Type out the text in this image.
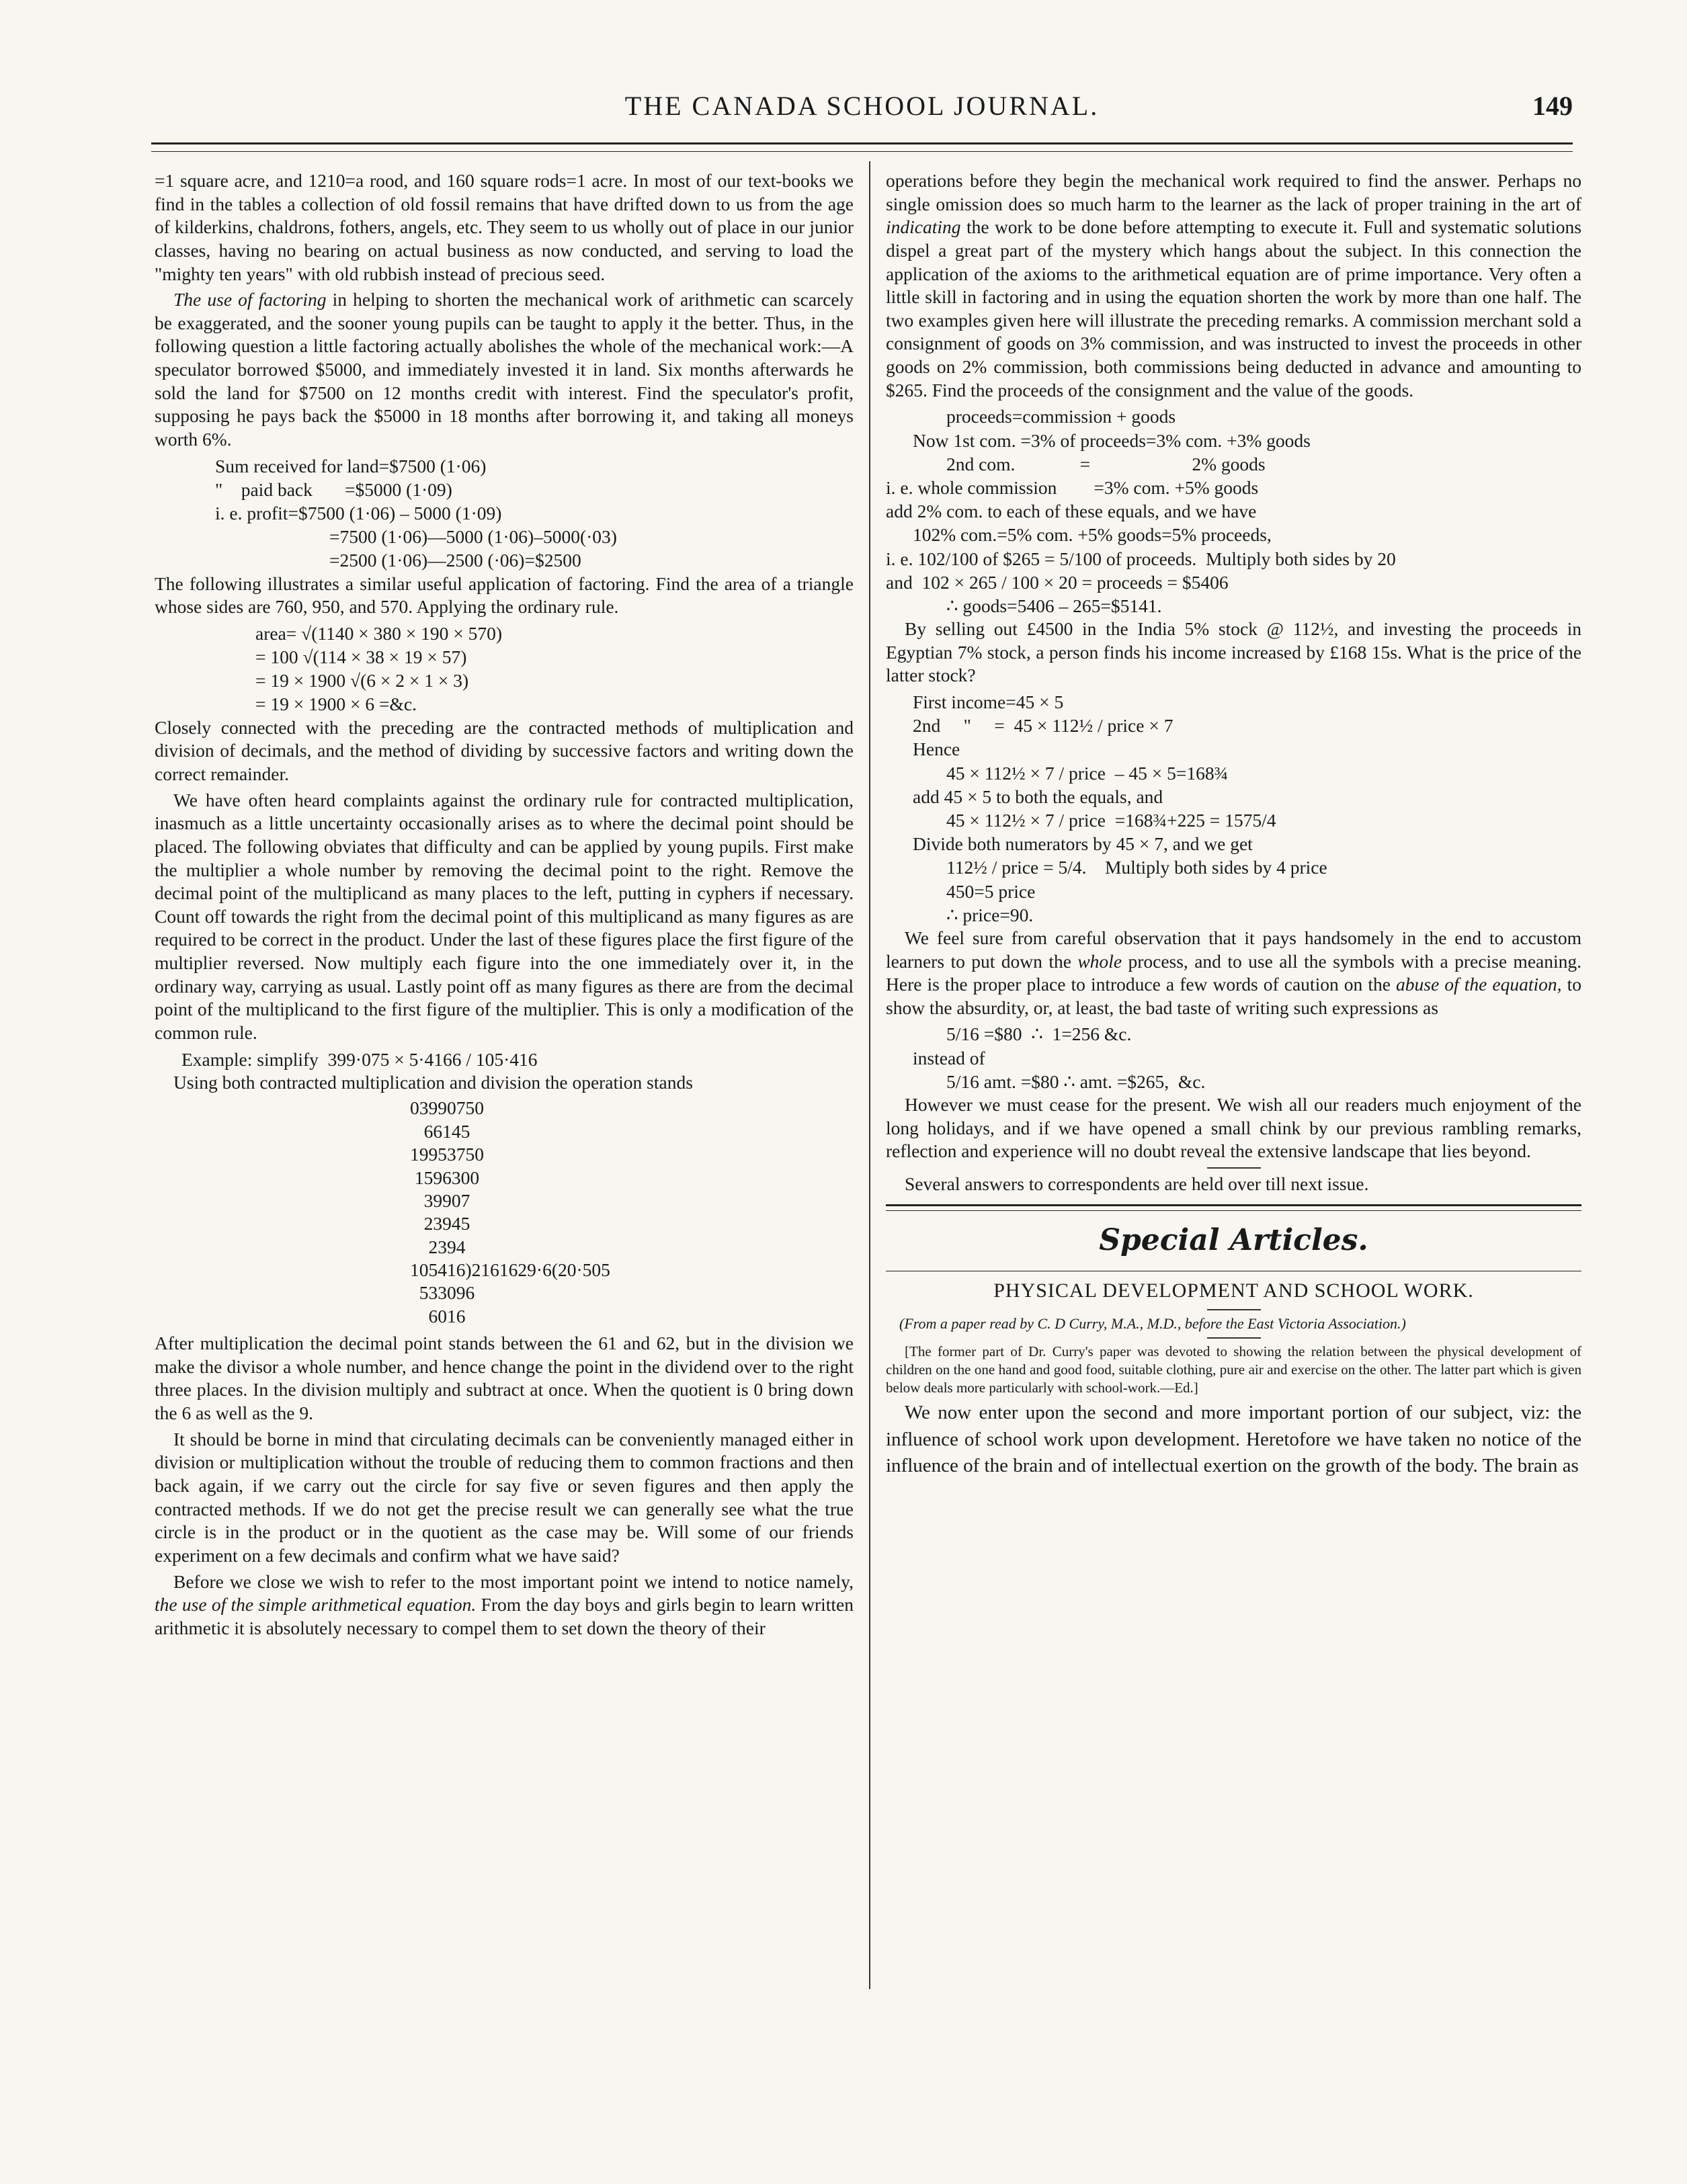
THE CANADA SCHOOL JOURNAL.	149

=1 square acre, and 1210=a rood, and 160 square rods=1 acre. In most of our text-books we find in the tables a collection of old fossil remains that have drifted down to us from the age of kilderkins, chaldrons, fothers, angels, etc. They seem to us wholly out of place in our junior classes, having no bearing on actual business as now conducted, and serving to load the "mighty ten years" with old rubbish instead of precious seed.

The use of factoring in helping to shorten the mechanical work of arithmetic can scarcely be exaggerated, and the sooner young pupils can be taught to apply it the better. Thus, in the following question a little factoring actually abolishes the whole of the mechanical work:—A speculator borrowed $5000, and immediately invested it in land. Six months afterwards he sold the land for $7500 on 12 months credit with interest. Find the speculator's profit, supposing he pays back the $5000 in 18 months after borrowing it, and taking all moneys worth 6%.

Sum received for land=$7500 (1·06)
"    paid back       =$5000 (1·09)
i. e. profit=$7500 (1·06) – 5000 (1·09)
=7500 (1·06)—5000 (1·06)–5000(·03)
=2500 (1·06)—2500 (·06)=$2500

The following illustrates a similar useful application of factoring. Find the area of a triangle whose sides are 760, 950, and 570. Applying the ordinary rule.

area= √(1140 × 380 × 190 × 570)
= 100 √(114 × 38 × 19 × 57)
= 19 × 1900 √(6 × 2 × 1 × 3)
= 19 × 1900 × 6 =&c.

Closely connected with the preceding are the contracted methods of multiplication and division of decimals, and the method of dividing by successive factors and writing down the correct remainder.

We have often heard complaints against the ordinary rule for contracted multiplication, inasmuch as a little uncertainty occasionally arises as to where the decimal point should be placed. The following obviates that difficulty and can be applied by young pupils. First make the multiplier a whole number by removing the decimal point to the right. Remove the decimal point of the multiplicand as many places to the left, putting in cyphers if necessary. Count off towards the right from the decimal point of this multiplicand as many figures as are required to be correct in the product. Under the last of these figures place the first figure of the multiplier reversed. Now multiply each figure into the one immediately over it, in the ordinary way, carrying as usual. Lastly point off as many figures as there are from the decimal point of the multiplicand to the first figure of the multiplier. This is only a modification of the common rule.

Example: simplify  399·075 × 5·4166 / 105·416

Using both contracted multiplication and division the operation stands

03990750
66145
19953750
1596300
39907
23945
2394
105416)2161629·6(20·505
533096
6016

After multiplication the decimal point stands between the 61 and 62, but in the division we make the divisor a whole number, and hence change the point in the dividend over to the right three places. In the division multiply and subtract at once. When the quotient is 0 bring down the 6 as well as the 9.

It should be borne in mind that circulating decimals can be conveniently managed either in division or multiplication without the trouble of reducing them to common fractions and then back again, if we carry out the circle for say five or seven figures and then apply the contracted methods. If we do not get the precise result we can generally see what the true circle is in the product or in the quotient as the case may be. Will some of our friends experiment on a few decimals and confirm what we have said?

Before we close we wish to refer to the most important point we intend to notice namely, the use of the simple arithmetical equation. From the day boys and girls begin to learn written arithmetic it is absolutely necessary to compel them to set down the theory of their

operations before they begin the mechanical work required to find the answer. Perhaps no single omission does so much harm to the learner as the lack of proper training in the art of indicating the work to be done before attempting to execute it. Full and systematic solutions dispel a great part of the mystery which hangs about the subject. In this connection the application of the axioms to the arithmetical equation are of prime importance. Very often a little skill in factoring and in using the equation shorten the work by more than one half. The two examples given here will illustrate the preceding remarks. A commission merchant sold a consignment of goods on 3% commission, and was instructed to invest the proceeds in other goods on 2% commission, both commissions being deducted in advance and amounting to $265. Find the proceeds of the consignment and the value of the goods.

proceeds=commission + goods
Now 1st com. =3% of proceeds=3% com. +3% goods
2nd com.              =                      2% goods
i. e. whole commission        =3% com. +5% goods
add 2% com. to each of these equals, and we have
102% com.=5% com. +5% goods=5% proceeds,
i. e. 102/100 of $265 = 5/100 of proceeds.  Multiply both sides by 20
and  102 × 265 / 100 × 20 = proceeds = $5406
∴ goods=5406 – 265=$5141.

By selling out £4500 in the India 5% stock @ 112½, and investing the proceeds in Egyptian 7% stock, a person finds his income increased by £168 15s. What is the price of the latter stock?

First income=45 × 5
2nd     "     =  45 × 112½ / price × 7
Hence
45 × 112½ × 7 / price  – 45 × 5=168¾
add 45 × 5 to both the equals, and
45 × 112½ × 7 / price  =168¾+225 = 1575/4
Divide both numerators by 45 × 7, and we get
112½ / price = 5/4.    Multiply both sides by 4 price
450=5 price
∴ price=90.

We feel sure from careful observation that it pays handsomely in the end to accustom learners to put down the whole process, and to use all the symbols with a precise meaning. Here is the proper place to introduce a few words of caution on the abuse of the equation, to show the absurdity, or, at least, the bad taste of writing such expressions as

5/16 =$80  ∴  1=256 &c.
instead of
5/16 amt. =$80 ∴ amt. =$265,  &c.

However we must cease for the present. We wish all our readers much enjoyment of the long holidays, and if we have opened a small chink by our previous rambling remarks, reflection and experience will no doubt reveal the extensive landscape that lies beyond.

Several answers to correspondents are held over till next issue.

Special Articles.
PHYSICAL DEVELOPMENT AND SCHOOL WORK.

(From a paper read by C. D Curry, M.A., M.D., before the East Victoria Association.)

[The former part of Dr. Curry's paper was devoted to showing the relation between the physical development of children on the one hand and good food, suitable clothing, pure air and exercise on the other. The latter part which is given below deals more particularly with school-work.—Ed.]

We now enter upon the second and more important portion of our subject, viz: the influence of school work upon development. Heretofore we have taken no notice of the influence of the brain and of intellectual exertion on the growth of the body. The brain as
